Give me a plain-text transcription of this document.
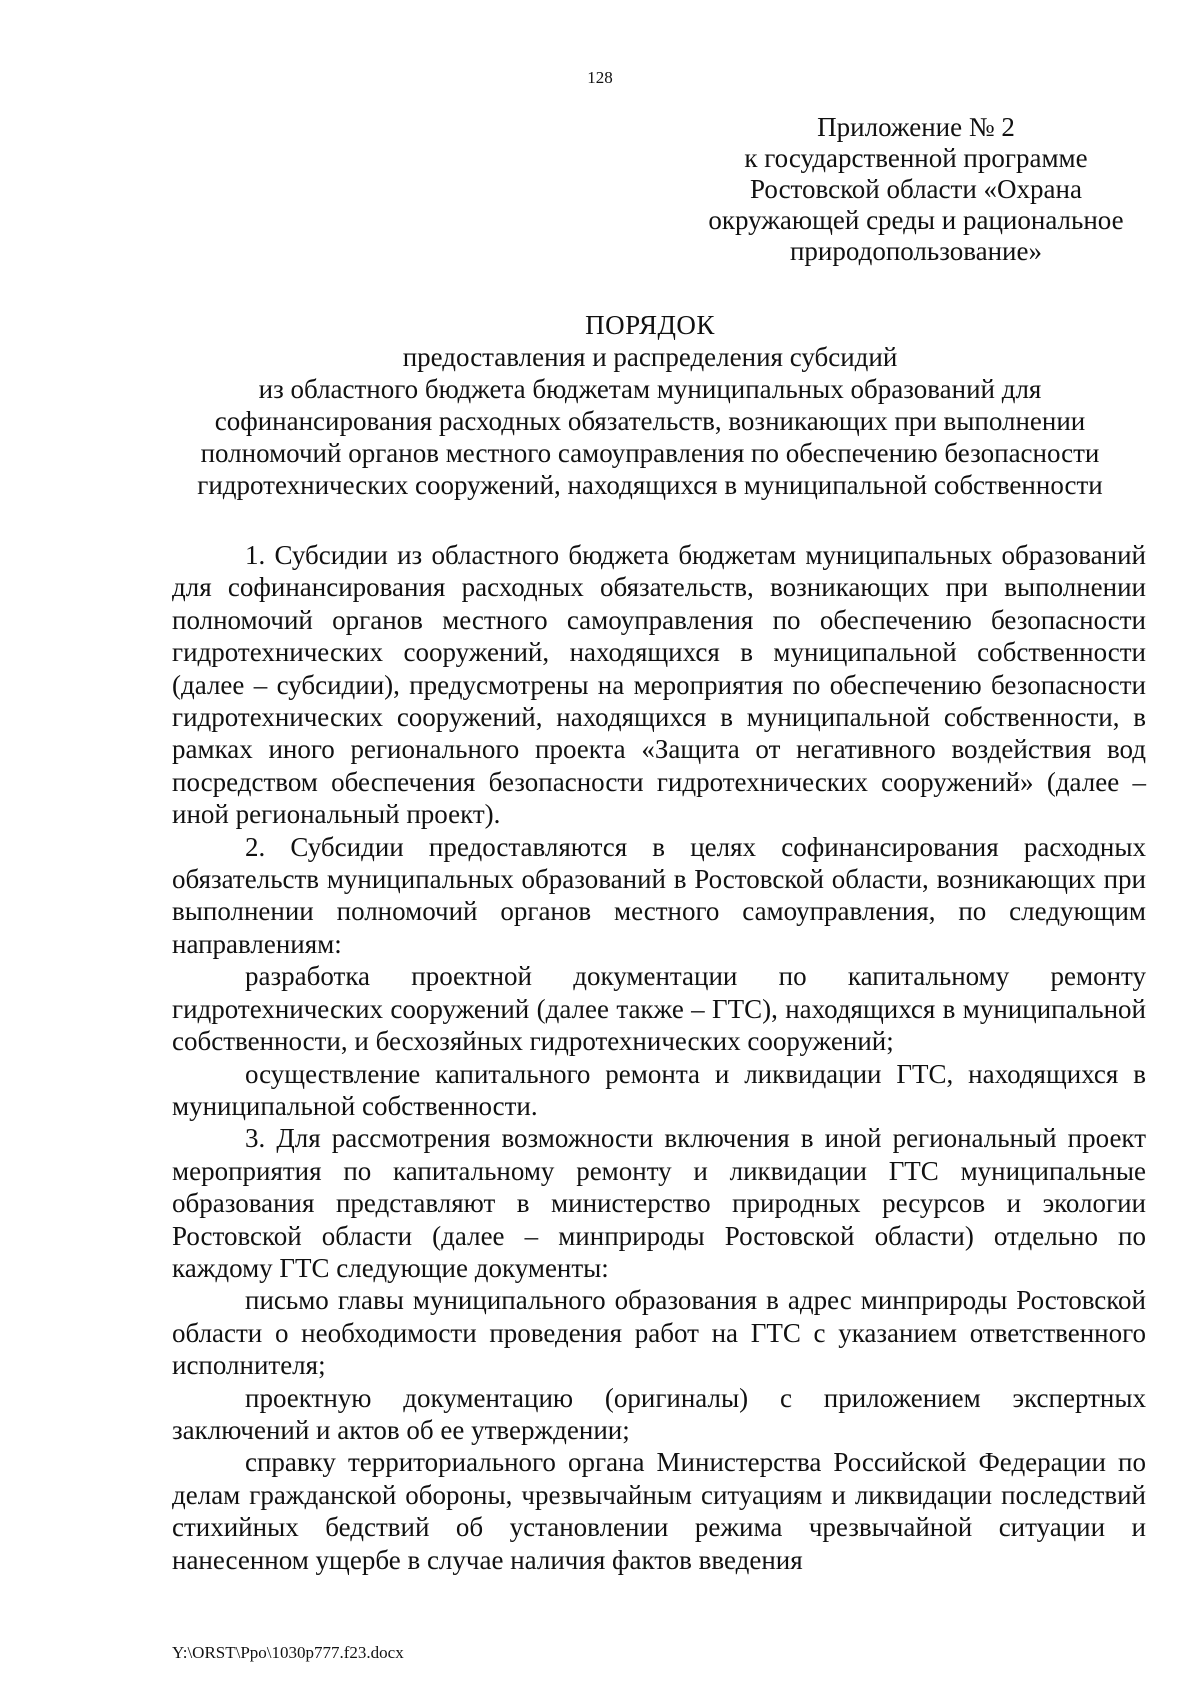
128
Приложение № 2
к государственной программе
Ростовской области «Охрана
окружающей среды и рациональное
природопользование»
ПОРЯДОК
предоставления и распределения субсидий
из областного бюджета бюджетам муниципальных образований для
софинансирования расходных обязательств, возникающих при выполнении
полномочий органов местного самоуправления по обеспечению безопасности
гидротехнических сооружений, находящихся в муниципальной собственности

1. Субсидии из областного бюджета бюджетам муниципальных образований для софинансирования расходных обязательств, возникающих при выполнении полномочий органов местного самоуправления по обеспечению безопасности гидротехнических сооружений, находящихся в муниципальной собственности (далее – субсидии), предусмотрены на мероприятия по обеспечению безопасности гидротехнических сооружений, находящихся в муниципальной собственности, в рамках иного регионального проекта «Защита от негативного воздействия вод посредством обеспечения безопасности гидротехнических сооружений» (далее – иной региональный проект).

2. Субсидии предоставляются в целях софинансирования расходных обязательств муниципальных образований в Ростовской области, возникающих при выполнении полномочий органов местного самоуправления, по следующим направлениям:

разработка проектной документации по капитальному ремонту гидротехнических сооружений (далее также – ГТС), находящихся в муниципальной собственности, и бесхозяйных гидротехнических сооружений;

осуществление капитального ремонта и ликвидации ГТС, находящихся в муниципальной собственности.

3. Для рассмотрения возможности включения в иной региональный проект мероприятия по капитальному ремонту и ликвидации ГТС муниципальные образования представляют в министерство природных ресурсов и экологии Ростовской области (далее – минприроды Ростовской области) отдельно по каждому ГТС следующие документы:

письмо главы муниципального образования в адрес минприроды Ростовской области о необходимости проведения работ на ГТС с указанием ответственного исполнителя;

проектную документацию (оригиналы) с приложением экспертных заключений и актов об ее утверждении;

справку территориального органа Министерства Российской Федерации по делам гражданской обороны, чрезвычайным ситуациям и ликвидации последствий стихийных бедствий об установлении режима чрезвычайной ситуации и нанесенном ущербе в случае наличия фактов введения

Y:\ORST\Ppo\1030p777.f23.docx
